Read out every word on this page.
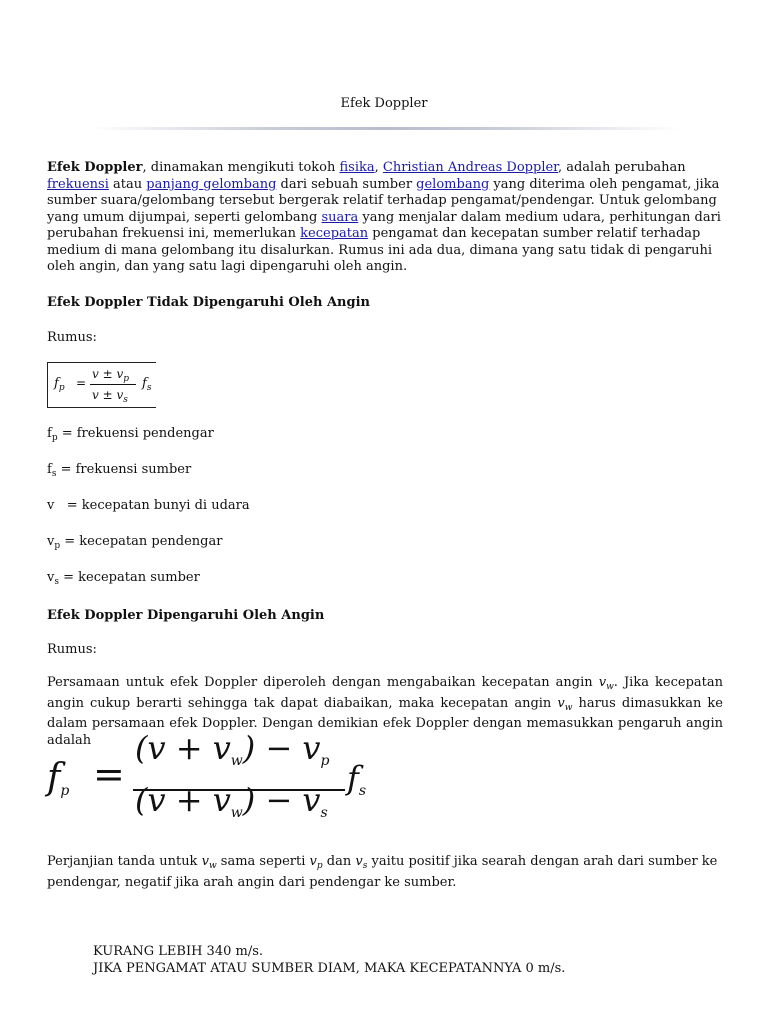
Efek Doppler

Efek Doppler, dinamakan mengikuti tokoh fisika, Christian Andreas Doppler, adalah perubahan frekuensi atau panjang gelombang dari sebuah sumber gelombang yang diterima oleh pengamat, jika sumber suara/gelombang tersebut bergerak relatif terhadap pengamat/pendengar. Untuk gelombang yang umum dijumpai, seperti gelombang suara yang menjalar dalam medium udara, perhitungan dari perubahan frekuensi ini, memerlukan kecepatan pengamat dan kecepatan sumber relatif terhadap medium di mana gelombang itu disalurkan. Rumus ini ada dua, dimana yang satu tidak di pengaruhi oleh angin, dan yang satu lagi dipengaruhi oleh angin.

Efek Doppler Tidak Dipengaruhi Oleh Angin

Rumus:

$f_p$ =
$v \pm v_p$
$v \pm v_s$
$f_s$

$f_p$ = frekuensi pendengar

$f_s$ = frekuensi sumber

v   = kecepatan bunyi di udara

$v_p$ = kecepatan pendengar

$v_s$ = kecepatan sumber

Efek Doppler Dipengaruhi Oleh Angin

Rumus:

Persamaan untuk efek Doppler diperoleh dengan mengabaikan kecepatan angin $v_w$. Jika kecepatan angin cukup berarti sehingga tak dapat diabaikan, maka kecepatan angin $v_w$ harus dimasukkan ke dalam persamaan efek Doppler. Dengan demikian efek Doppler dengan memasukkan pengaruh angin adalah

fp =
(v + vw) − vp
(v + vw) − vs
fs

Perjanjian tanda untuk $v_w$ sama seperti $v_p$ dan $v_s$ yaitu positif jika searah dengan arah dari sumber ke pendengar, negatif jika arah angin dari pendengar ke sumber.

KURANG LEBIH 340 m/s.

JIKA PENGAMAT ATAU SUMBER DIAM, MAKA KECEPATANNYA 0 m/s.
